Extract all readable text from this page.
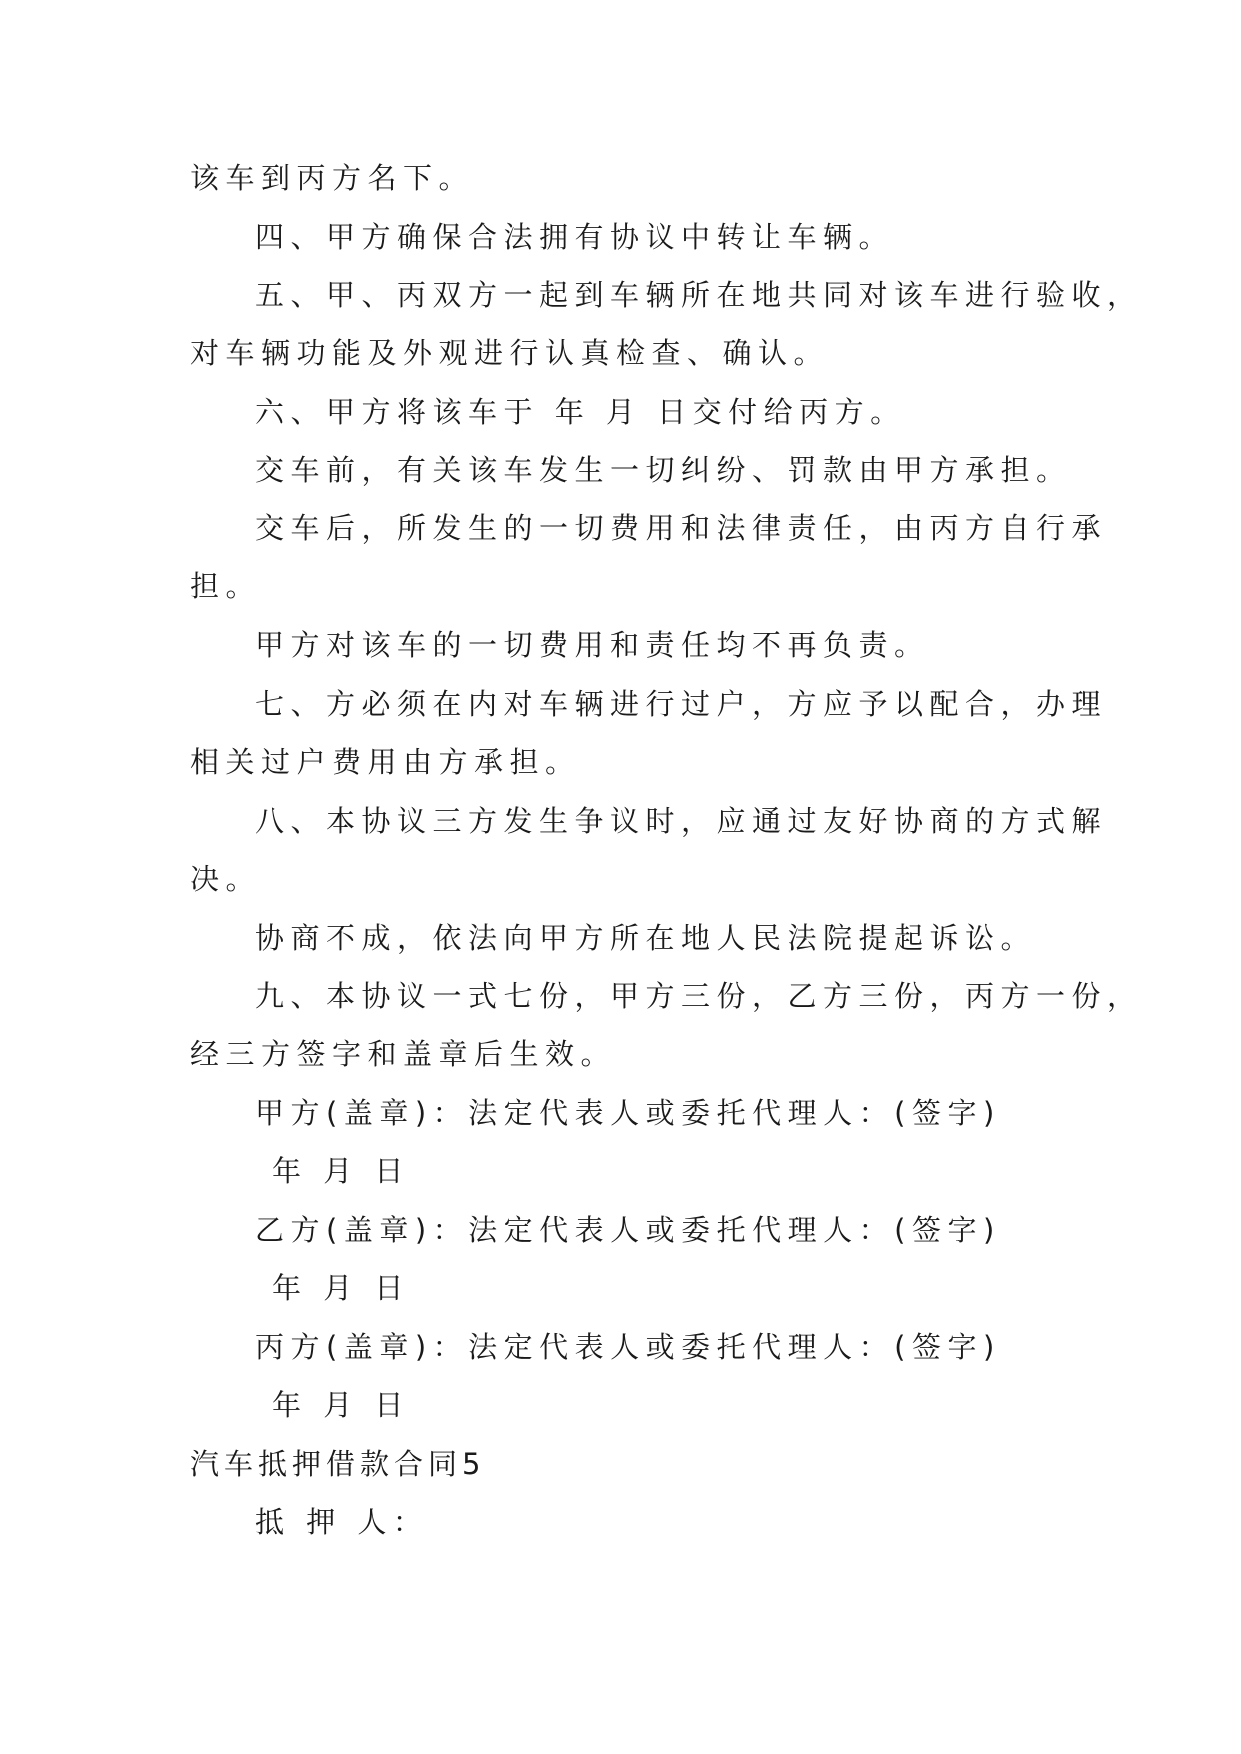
该车到丙方名下。
四、甲方确保合法拥有协议中转让车辆。
五、甲、丙双方一起到车辆所在地共同对该车进行验收，
对车辆功能及外观进行认真检查、确认。
六、甲方将该车于 年 月 日交付给丙方。
交车前，有关该车发生一切纠纷、罚款由甲方承担。
交车后，所发生的一切费用和法律责任，由丙方自行承
担。
甲方对该车的一切费用和责任均不再负责。
七、方必须在内对车辆进行过户，方应予以配合，办理
相关过户费用由方承担。
八、本协议三方发生争议时，应通过友好协商的方式解
决。
协商不成，依法向甲方所在地人民法院提起诉讼。
九、本协议一式七份，甲方三份，乙方三份，丙方一份，
经三方签字和盖章后生效。
甲方(盖章)：法定代表人或委托代理人：(签字)
年 月 日
乙方(盖章)：法定代表人或委托代理人：(签字)
年 月 日
丙方(盖章)：法定代表人或委托代理人：(签字)
年 月 日
汽车抵押借款合同5
抵 押 人：
